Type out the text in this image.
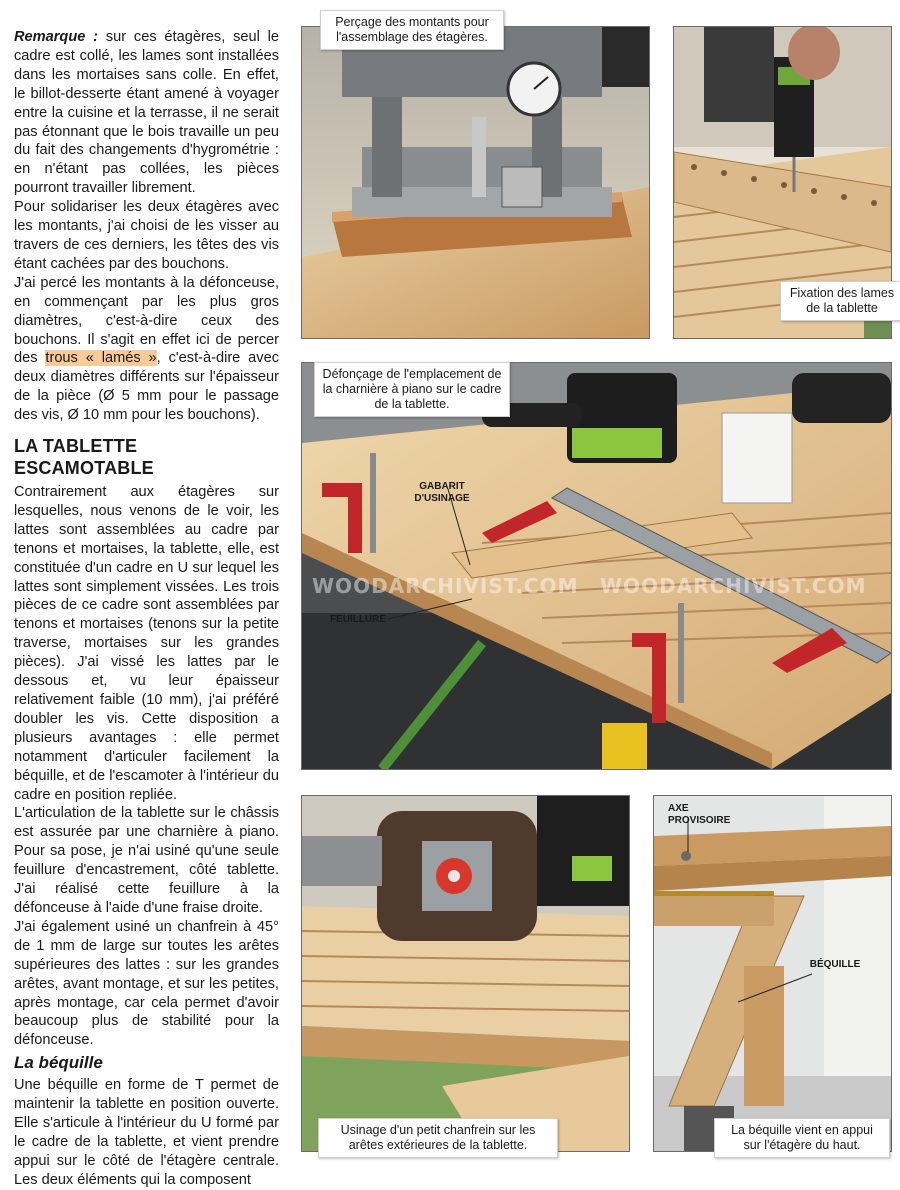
Remarque : sur ces étagères, seul le cadre est collé, les lames sont installées dans les mortaises sans colle. En effet, le billot-desserte étant amené à voyager entre la cuisine et la terrasse, il ne serait pas étonnant que le bois travaille un peu du fait des changements d'hygrométrie : en n'étant pas collées, les pièces pourront travailler librement.

Pour solidariser les deux étagères avec les montants, j'ai choisi de les visser au travers de ces derniers, les têtes des vis étant cachées par des bouchons.

J'ai percé les montants à la défonceuse, en commençant par les plus gros diamètres, c'est-à-dire ceux des bouchons. Il s'agit en effet ici de percer des trous « lamés », c'est-à-dire avec deux diamètres différents sur l'épaisseur de la pièce (Ø 5 mm pour le passage des vis, Ø 10 mm pour les bouchons).

LA TABLETTE
ESCAMOTABLE

Contrairement aux étagères sur lesquelles, nous venons de le voir, les lattes sont assemblées au cadre par tenons et mortaises, la tablette, elle, est constituée d'un cadre en U sur lequel les lattes sont simplement vissées. Les trois pièces de ce cadre sont assemblées par tenons et mortaises (tenons sur la petite traverse, mortaises sur les grandes pièces). J'ai vissé les lattes par le dessous et, vu leur épaisseur relativement faible (10 mm), j'ai préféré doubler les vis. Cette disposition a plusieurs avantages : elle permet notamment d'articuler facilement la béquille, et de l'escamoter à l'intérieur du cadre en position repliée.

L'articulation de la tablette sur le châssis est assurée par une charnière à piano. Pour sa pose, je n'ai usiné qu'une seule feuillure d'encastrement, côté tablette. J'ai réalisé cette feuillure à la défonceuse à l'aide d'une fraise droite.

J'ai également usiné un chanfrein à 45° de 1 mm de large sur toutes les arêtes supérieures des lattes : sur les grandes arêtes, avant montage, et sur les petites, après montage, car cela permet d'avoir beaucoup plus de stabilité pour la défonceuse.

La béquille

Une béquille en forme de T permet de maintenir la tablette en position ouverte. Elle s'articule à l'intérieur du U formé par le cadre de la tablette, et vient prendre appui sur le côté de l'étagère centrale. Les deux éléments qui la composent

Perçage des montants pour l'assemblage des étagères.
Fixation des lames de la tablette
Défonçage de l'emplacement de la charnière à piano sur le cadre de la tablette.
GABARIT D'USINAGE
FEUILLURE
WOODARCHIVIST.COM WOODARCHIVIST.COM
Usinage d'un petit chanfrein sur les arêtes extérieures de la tablette.
AXE PROVISOIRE
BÉQUILLE
La béquille vient en appui sur l'étagère du haut.
